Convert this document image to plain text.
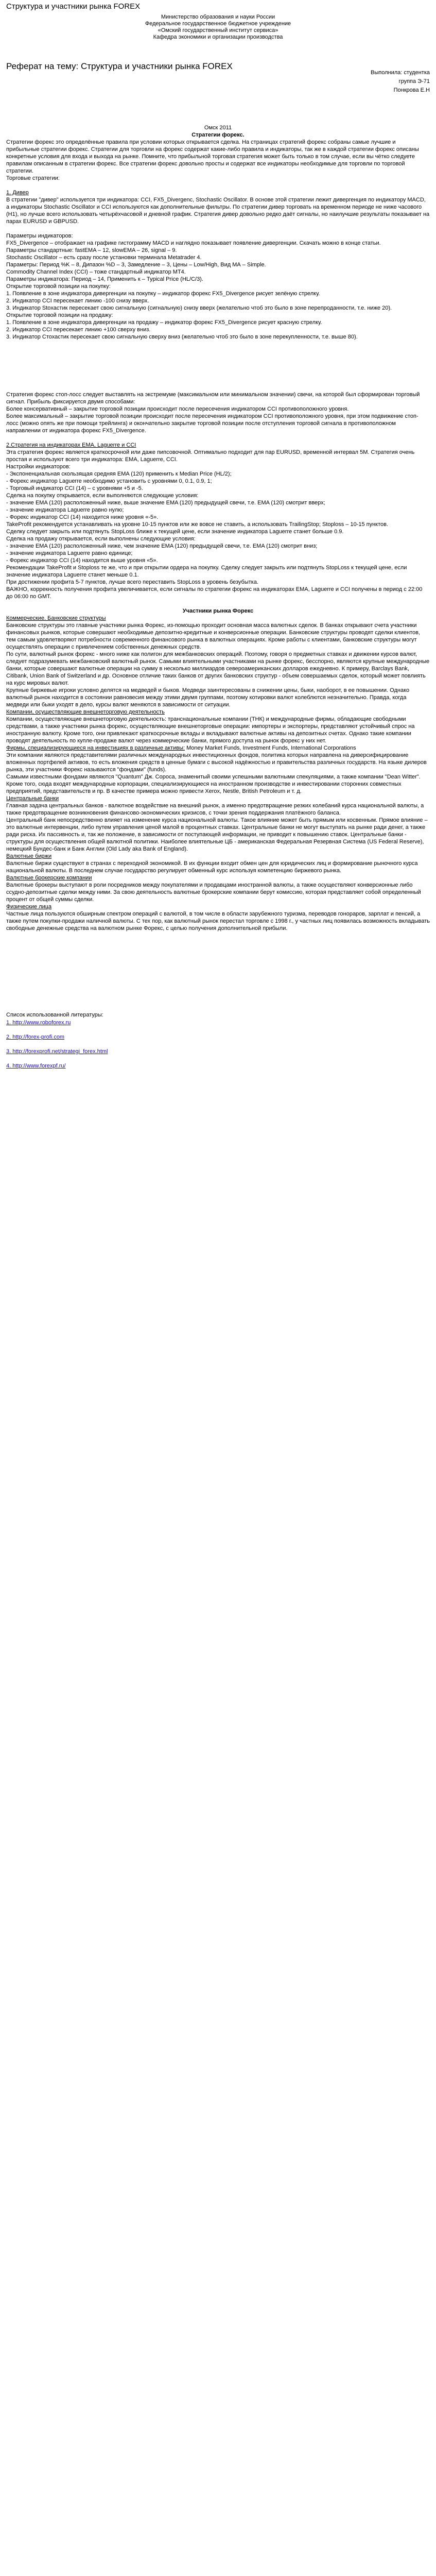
Структура и участники рынка FOREX
Министерство образования и науки России
Федеральное государственное бюджетное учреждение
«Омский государственный институт сервиса»
Кафедра экономики и организации производства
Реферат на тему: Структура и участники рынка FOREX
Выполнила: студентка
группа Э-71
Понкрова Е.Н
Омск 2011

Стратегии форекс.

Стратегии форекс это определённые правила при условии которых открывается сделка. На страницах стратегий форекс собраны самые лучшие и прибыльные стратегии форекс. Стратегии для торговли на форекс содержат какие-либо правила и индикаторы, так же в каждой стратегии форекс описаны конкретные условия для входа и выхода на рынке. Помните, что прибыльной торговая стратегия может быть только в том случае, если вы чётко следуете правилам описанным в стратегии форекс. Все стратегии форекс довольно просты и содержат все индикаторы необходимые для торговли по торговой стратегии.

Торговые стратегии:

1. Дивер

В стратегии "дивер" используется три индикатора: CCI, FX5_Divergenc, Stochastic Oscillator. В основе этой стратегии лежит дивергенция по индикатору MACD, а индикаторы Stochastic Oscillator и CCI используются как дополнительные фильтры. По стратегии дивер торговать на временном периоде не ниже часового (H1), но лучше всего использовать четырёхчасовой и дневной график. Стратегия дивер довольно редко даёт сигналы, но наилучшие результаты показывает на парах EURUSD и GBPUSD.

Параметры индикаторов:

FX5_Divergence – отображает на графике гистограмму MACD и наглядно показывает появление дивергенции. Скачать можно в конце статьи.

Параметры стандартные: fastEMA – 12, slowEMA – 26, signal – 9.

Stochastic Oscillator – есть сразу после установки терминала Metatrader 4.

Параметры: Период %K – 8, Дипазон %D – 3, Замедление – 3, Цены – Low/High, Вид МА – Simple.

Commodity Channel Index (CCI) – тоже стандартный индикатор МТ4.

Параметры индикатора: Период – 14, Применить к – Typical Price (HL/C/3).

Открытие торговой позиции на покупку:

1. Появление в зоне индикатора дивергенции на покупку – индикатор форекс FX5_Divergence рисует зелёную стрелку.

2. Индикатор CCI пересекает линию -100 снизу вверх.

3. Индикатор Stoхастик пересекает свою сигнальную (сигнальную) снизу вверх (желательно чтоб это было в зоне перепроданности, т.е. ниже 20).

Открытие торговой позиции на продажу:

1. Появление в зоне индикатора дивергенции на продажу – индикатор форекс FX5_Divergence рисует красную стрелку.

2. Индикатор CCI пересекает линию +100 сверху вниз.

3. Индикатор Стохастик пересекает свою сигнальную сверху вниз (желательно чтоб это было в зоне перекупленности, т.е. выше 80).

Стратегия форекс стоп-лосс следует выставлять на экстремуме (максимальном или минимальном значении) свечи, на которой был сформирован торговый сигнал. Прибыль фиксируется двумя способами:

Более консервативный – закрытие торговой позиции происходит после пересечения индикатором CCI противоположного уровня.

Более максимальный – закрытие торговой позиции происходит после пересечения индикатором CCI противоположного уровня, при этом подвижение стоп-лосс (можно опять же при помощи трейлинга) и окончательно закрытие торговой позиции после отступления торговой сигнала в противоположном направлении от индикатора форекс FX5_Divergence.

2.Стратегия на индикаторах EMA, Laguerre и CCI

Эта стратегия форекс является краткосрочной или даже пипсовочной. Оптимально подходит для пар EURUSD, временной интервал 5М. Стратегия очень простая и используют всего три индикатора: EMA, Laguerre, CCI.

Настройки индикаторов:

- Экспоненциальная скользящая средняя EMA (120) применить к Median Price (HL/2);

- Форекс индикатор Laguerre необходимо установить с уровнями 0, 0.1, 0.9, 1;

- Торговый индикатор CCI (14) – с уровнями +5 и -5.

Сделка на покупку открывается, если выполняются следующие условия:

- значение EMA (120) расположенный ниже, выше значение EMA (120) предыдущей свечи, т.е. EMA (120) смотрит вверх;

- значение индикатора Laguerre равно нулю;

- Форекс индикатор CCI (14) находится ниже уровня «-5».

TakeProfit рекомендуется устанавливать на уровне 10-15 пунктов или же вовсе не ставить, а использовать TrailingStop; Stoploss – 10-15 пунктов.

Сделку следует закрыть или подтянуть StopLoss ближе к текущей цене, если значение индикатора Laguerre станет больше 0.9.

Сделка на продажу открывается, если выполнены следующие условия:

- значение EMA (120) расположенный ниже, чем значение EMA (120) предыдущей свечи, т.е. EMA (120) смотрит вниз;

- значение индикатора Laguerre равно единице;

- Форекс индикатор CCI (14) находится выше уровня «5».

Рекомендации TakeProfit и Stoploss те же, что и при открытии ордера на покупку. Сделку следует закрыть или подтянуть StopLoss к текущей цене, если значение индикатора Laguerre станет меньше 0.1.

При достижении профита 5-7 пунктов, лучше всего переставить StopLoss в уровень безубытка.

ВАЖНО, коррекность получения профита увеличивается, если сигналы по стратегии форекс на индикаторах EMA, Laguerre и CCI получены в период с 22:00 до 06:00 по GMT.

Участники рынка Форекс

Коммерческие. Банковские структуры

Банковские структуры это главные участники рынка Форекс, из-помощью проходит основная масса валютных сделок. В банках открывают счета участники финансовых рынков, которые совершают необходимые депозитно-кредитные и конверсионные операции. Банковские структуры проводят сделки клиентов, тем самым удовлетворяют потребности современного финансового рынка в валютных операциях. Кроме работы с клиентами, банковские структуры могут осуществлять операции с привлечением собственных денежных средств.

По сути, валютный рынок форекс - много ниже как полигон для межбанковских операций. Поэтому, говоря о предметных ставках и движении курсов валют, следует подразумевать межбанковский валютный рынок. Самыми влиятельными участниками на рынке форекс, бесспорно, являются крупные международные банки, которые совершают валютные операции на сумму в несколько миллиардов североамериканских долларов ежедневно. К примеру, Barclays Bank, Citibank, Union Bank of Switzerland и др. Основное отличие таких банков от других банковских структур - объем совершаемых сделок, который может повлиять на курс мировых валют.

Крупные биржевые игроки условно делятся на медведей и быков. Медведи заинтересованы в снижении цены, быки, наоборот, в ее повышении. Однако валютный рынок находится в состоянии равновесия между этими двумя группами, поэтому котировки валют колеблются незначительно. Правда, когда медведи или быки уходят в дело, курсы валют меняются в зависимости от ситуации.

Компании, осуществляющие внешнеторговую деятельность

Компании, осуществляющие внешнеторговую деятельность: транснациональные компании (ТНК) и международные фирмы, обладающие свободными средствами, а также участники рынка форекс, осуществляющие внешнеторговые операции: импортеры и экспортеры, представляют устойчивый спрос на иностранную валюту. Кроме того, они привлекают краткосрочные вклады и вкладывают валютные активы на депозитных счетах. Однако такие компании проводят деятельность по купле-продаже валют через коммерческие банки, прямого доступа на рынок форекс у них нет.

Фирмы, специализирующиеся на инвестициях в различные активы: Money Market Funds, Investment Funds, International Corporations

Эти компании являются представителями различных международных инвестиционных фондов, политика которых направлена на диверсифицирование вложенных портфелей активов, то есть вложения средств в ценные бумаги с высокой надёжностью и правительства различных государств. На языке дилеров рынка, эти участники Форекс называются "фондами" (funds).

Самыми известными фондами являются "Quantum" Дж. Сороса, знаменитый своими успешными валютными спекуляциями, а также компании "Dean Witter". Кроме того, сюда входят международные корпорации, специализирующиеся на иностранном производстве и инвестировании сторонних совместных предприятий, представительств и пр. В качестве примера можно привести Xerox, Nestle, British Petroleum и т. д.

Центральные банки

Главная задача центральных банков - валютное воздействие на внешний рынок, а именно предотвращение резких колебаний курса национальной валюты, а также предотвращение возникновения финансово-экономических кризисов, с точки зрения поддержания платёжного баланса.

Центральный банк непосредственно влияет на изменение курса национальной валюты. Такое влияние может быть прямым или косвенным. Прямое влияние – это валютные интервенции, либо путем управления ценой малой в процентных ставках. Центральные банки не могут выступать на рынке ради денег, а также ради риска. Их пассивность и, так же положение, в зависимости от поступающей информации, не приводит к повышению ставок. Центральные банки - структуры для осуществления общей валютной политики. Наиболее влиятельные ЦБ - американская Федеральная Резервная Система (US Federal Reserve), немецкий Бундес-банк и Банк Англии (Old Lady aka Bank of England).

Валютные биржи

Валютные биржи существуют в странах с переходной экономикой. В их функции входит обмен цен для юридических лиц и формирование рыночного курса национальной валюты. В последнем случае государство регулирует обменный курс используя компетенцию биржевого рынка.

Валютные брокерские компании

Валютные брокеры выступают в роли посредников между покупателями и продавцами иностранной валюты, а также осуществляют конверсионные либо ссудно-депозитные сделки между ними. За свою деятельность валютные брокерские компании берут комиссию, которая представляет собой определенный процент от общей суммы сделки.

Физические лица

Частные лица пользуются обширным спектром операций с валютой, в том числе в области зарубежного туризма, переводов гонораров, зарплат и пенсий, а также путем покупки-продажи наличной валюты. С тех пор, как валютный рынок перестал торговле с 1998 г., у частных лиц появилась возможность вкладывать свободные денежные средства на валютном рынке Форекс, с целью получения дополнительной прибыли.

Список использованной литературы:

1. http://www.roboforex.ru

2. http://forex-profi.com

3. http://forexprofi.net/strategi_forex.html

4. http://www.forexpf.ru/
